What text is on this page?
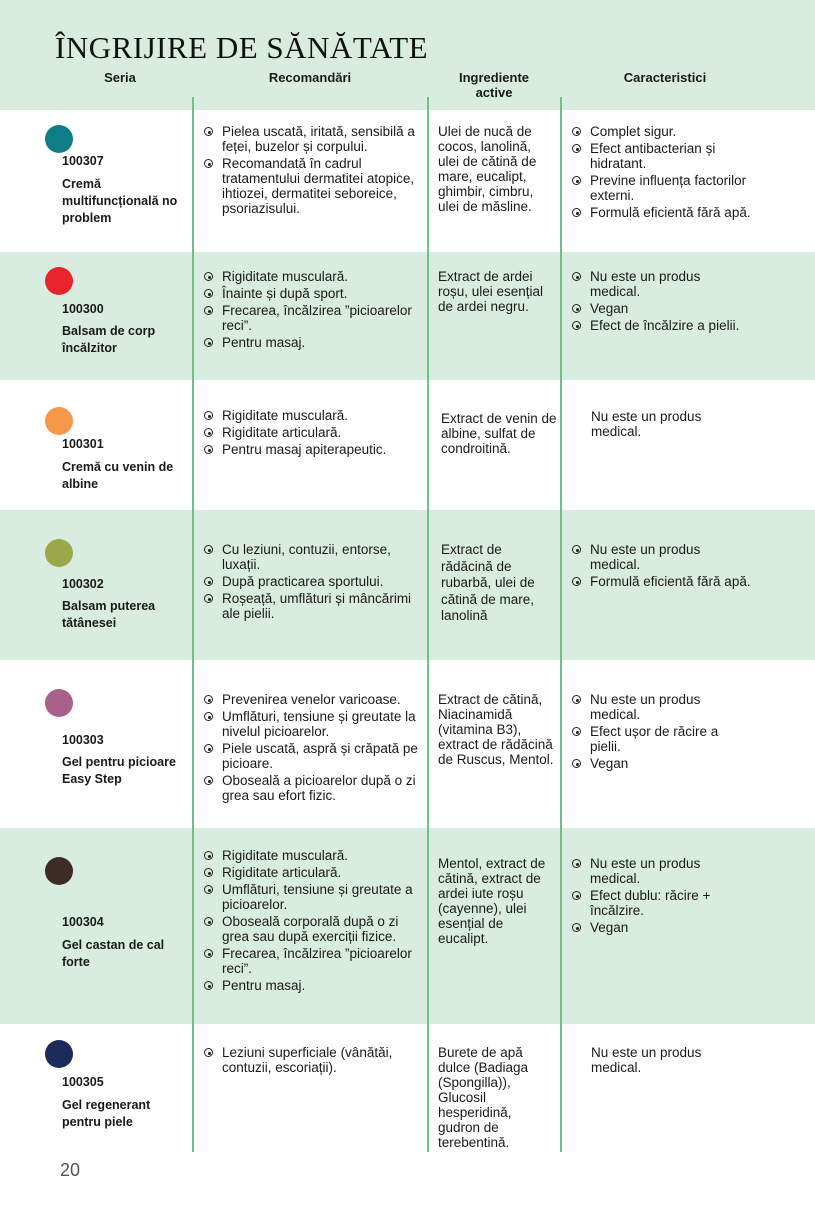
ÎNGRIJIRE DE SĂNĂTATE
Seria	Recomandări	Ingrediente active
Caracteristici
100307
Cremă multifuncțională no problem
Pielea uscată, iritată, sensibilă a feței, buzelor și corpului.
Recomandată în cadrul tratamentului dermatitei atopice, ihtiozei, dermatitei seboreice, psoriazisului.
Ulei de nucă de cocos, lanolină, ulei de cătină de mare, eucalipt, ghimbir, cimbru, ulei de măsline.
Complet sigur.
Efect antibacterian și hidratant.
Previne influența factorilor externi.
Formulă eficientă fără apă.
100300
Balsam de corp încălzitor
Rigiditate musculară.
Înainte și după sport.
Frecarea, încălzirea ”picioarelor reci”.
Pentru masaj.
Extract de ardei roșu, ulei esențial de ardei negru.
Nu este un produs medical.
Vegan
Efect de încălzire a pielii.
100301
Cremă cu venin de albine
Rigiditate musculară.
Rigiditate articulară.
Pentru masaj apiterapeutic.
Extract de venin de albine, sulfat de condroitină.
Nu este un produs medical.
100302
Balsam puterea tătânesei
Cu leziuni, contuzii, entorse, luxații.
După practicarea sportului.
Roșeață, umflături și mâncărimi ale pielii.
Extract de rădăcină de rubarbă, ulei de cătină de mare, lanolină
Nu este un produs medical.
Formulă eficientă fără apă.
100303
Gel pentru picioare Easy Step
Prevenirea venelor varicoase.
Umflături, tensiune și greutate la nivelul picioarelor.
Piele uscată, aspră și crăpată pe picioare.
Oboseală a picioarelor după o zi grea sau efort fizic.
Extract de cătină, Niacinamidă (vitamina B3), extract de rădăcină de Ruscus, Mentol.
Nu este un produs medical.
Efect ușor de răcire a pielii.
Vegan
100304
Gel castan de cal forte
Rigiditate musculară.
Rigiditate articulară.
Umflături, tensiune și greutate a picioarelor.
Oboseală corporală după o zi grea sau după exerciții fizice.
Frecarea, încălzirea ”picioarelor reci”.
Pentru masaj.
Mentol, extract de cătină, extract de ardei iute roșu (cayenne), ulei esențial de eucalipt.
Nu este un produs medical.
Efect dublu: răcire + încălzire.
Vegan
100305
Gel regenerant pentru piele
Leziuni superficiale (vânătăi, contuzii, escoriații).
Burete de apă dulce (Badiaga (Spongilla)), Glucosil hesperidină, gudron de terebentină.
Nu este un produs medical.
20
